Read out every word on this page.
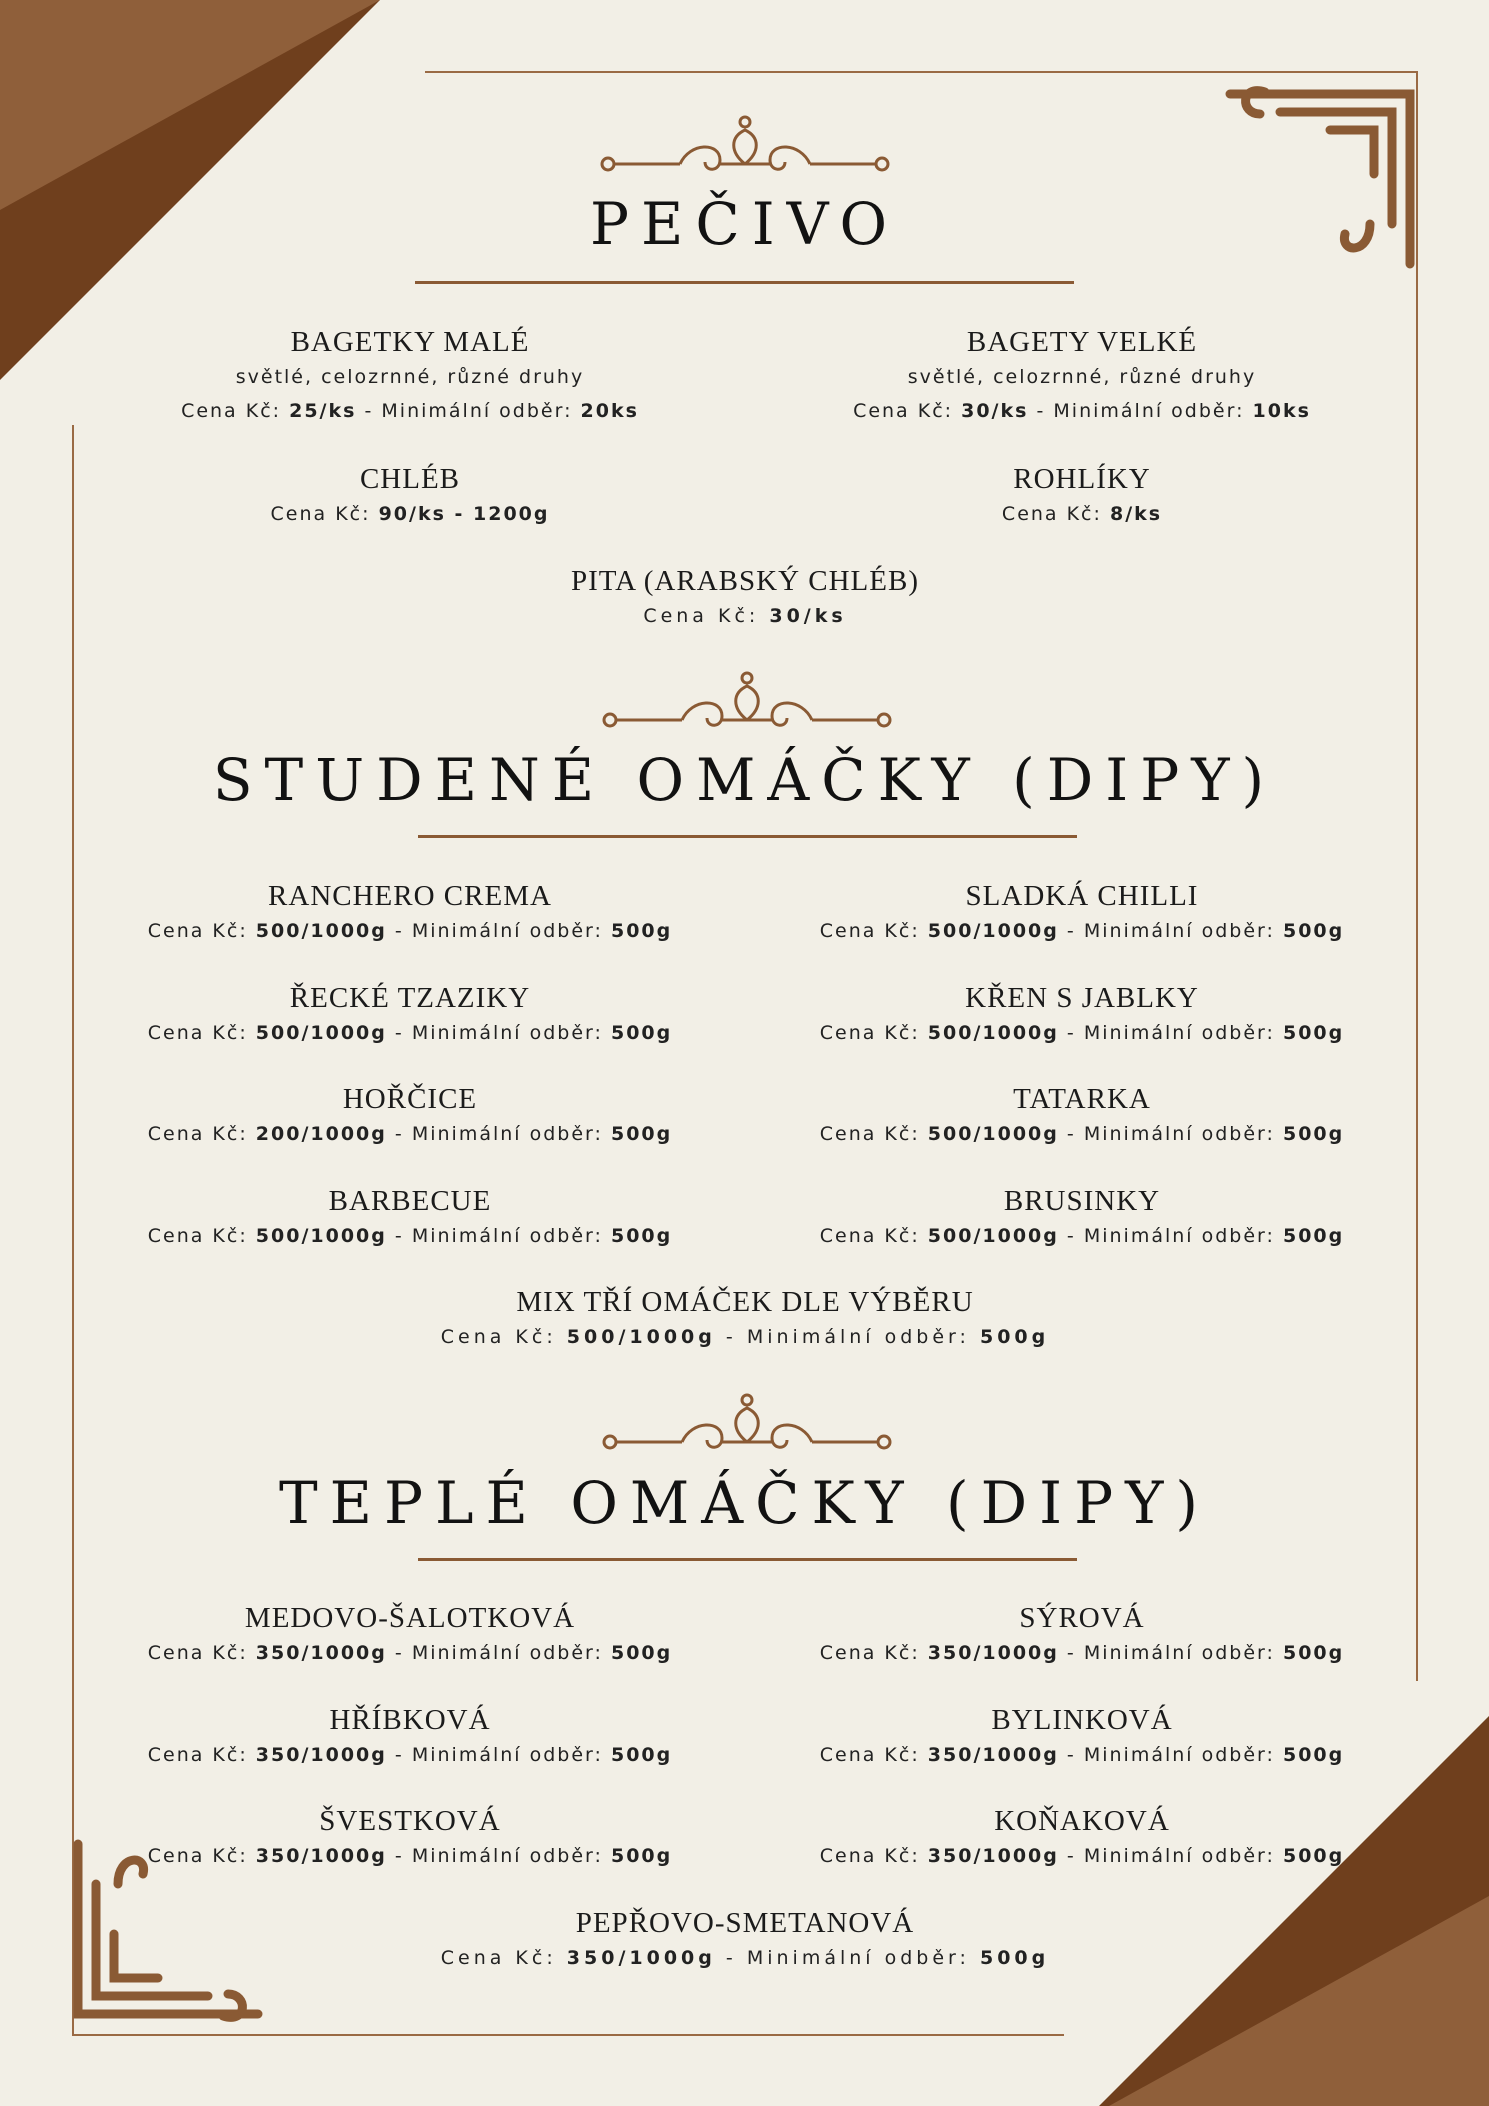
PEČIVO
BAGETKY MALÉ
světlé, celozrnné, různé druhy
Cena Kč: 25/ks - Minimální odběr: 20ks
BAGETY VELKÉ
světlé, celozrnné, různé druhy
Cena Kč: 30/ks - Minimální odběr: 10ks
CHLÉB
Cena Kč: 90/ks - 1200g
ROHLÍKY
Cena Kč: 8/ks
PITA (ARABSKÝ CHLÉB)
Cena Kč: 30/ks
STUDENÉ OMÁČKY (DIPY)
RANCHERO CREMA
Cena Kč: 500/1000g - Minimální odběr: 500g
SLADKÁ CHILLI
Cena Kč: 500/1000g - Minimální odběr: 500g
ŘECKÉ TZAZIKY
Cena Kč: 500/1000g - Minimální odběr: 500g
KŘEN S JABLKY
Cena Kč: 500/1000g - Minimální odběr: 500g
HOŘČICE
Cena Kč: 200/1000g - Minimální odběr: 500g
TATARKA
Cena Kč: 500/1000g - Minimální odběr: 500g
BARBECUE
Cena Kč: 500/1000g - Minimální odběr: 500g
BRUSINKY
Cena Kč: 500/1000g - Minimální odběr: 500g
MIX TŘÍ OMÁČEK DLE VÝBĚRU
Cena Kč: 500/1000g - Minimální odběr: 500g
TEPLÉ OMÁČKY (DIPY)
MEDOVO-ŠALOTKOVÁ
Cena Kč: 350/1000g - Minimální odběr: 500g
SÝROVÁ
Cena Kč: 350/1000g - Minimální odběr: 500g
HŘÍBKOVÁ
Cena Kč: 350/1000g - Minimální odběr: 500g
BYLINKOVÁ
Cena Kč: 350/1000g - Minimální odběr: 500g
ŠVESTKOVÁ
Cena Kč: 350/1000g - Minimální odběr: 500g
KOŇAKOVÁ
Cena Kč: 350/1000g - Minimální odběr: 500g
PEPŘOVO-SMETANOVÁ
Cena Kč: 350/1000g - Minimální odběr: 500g
